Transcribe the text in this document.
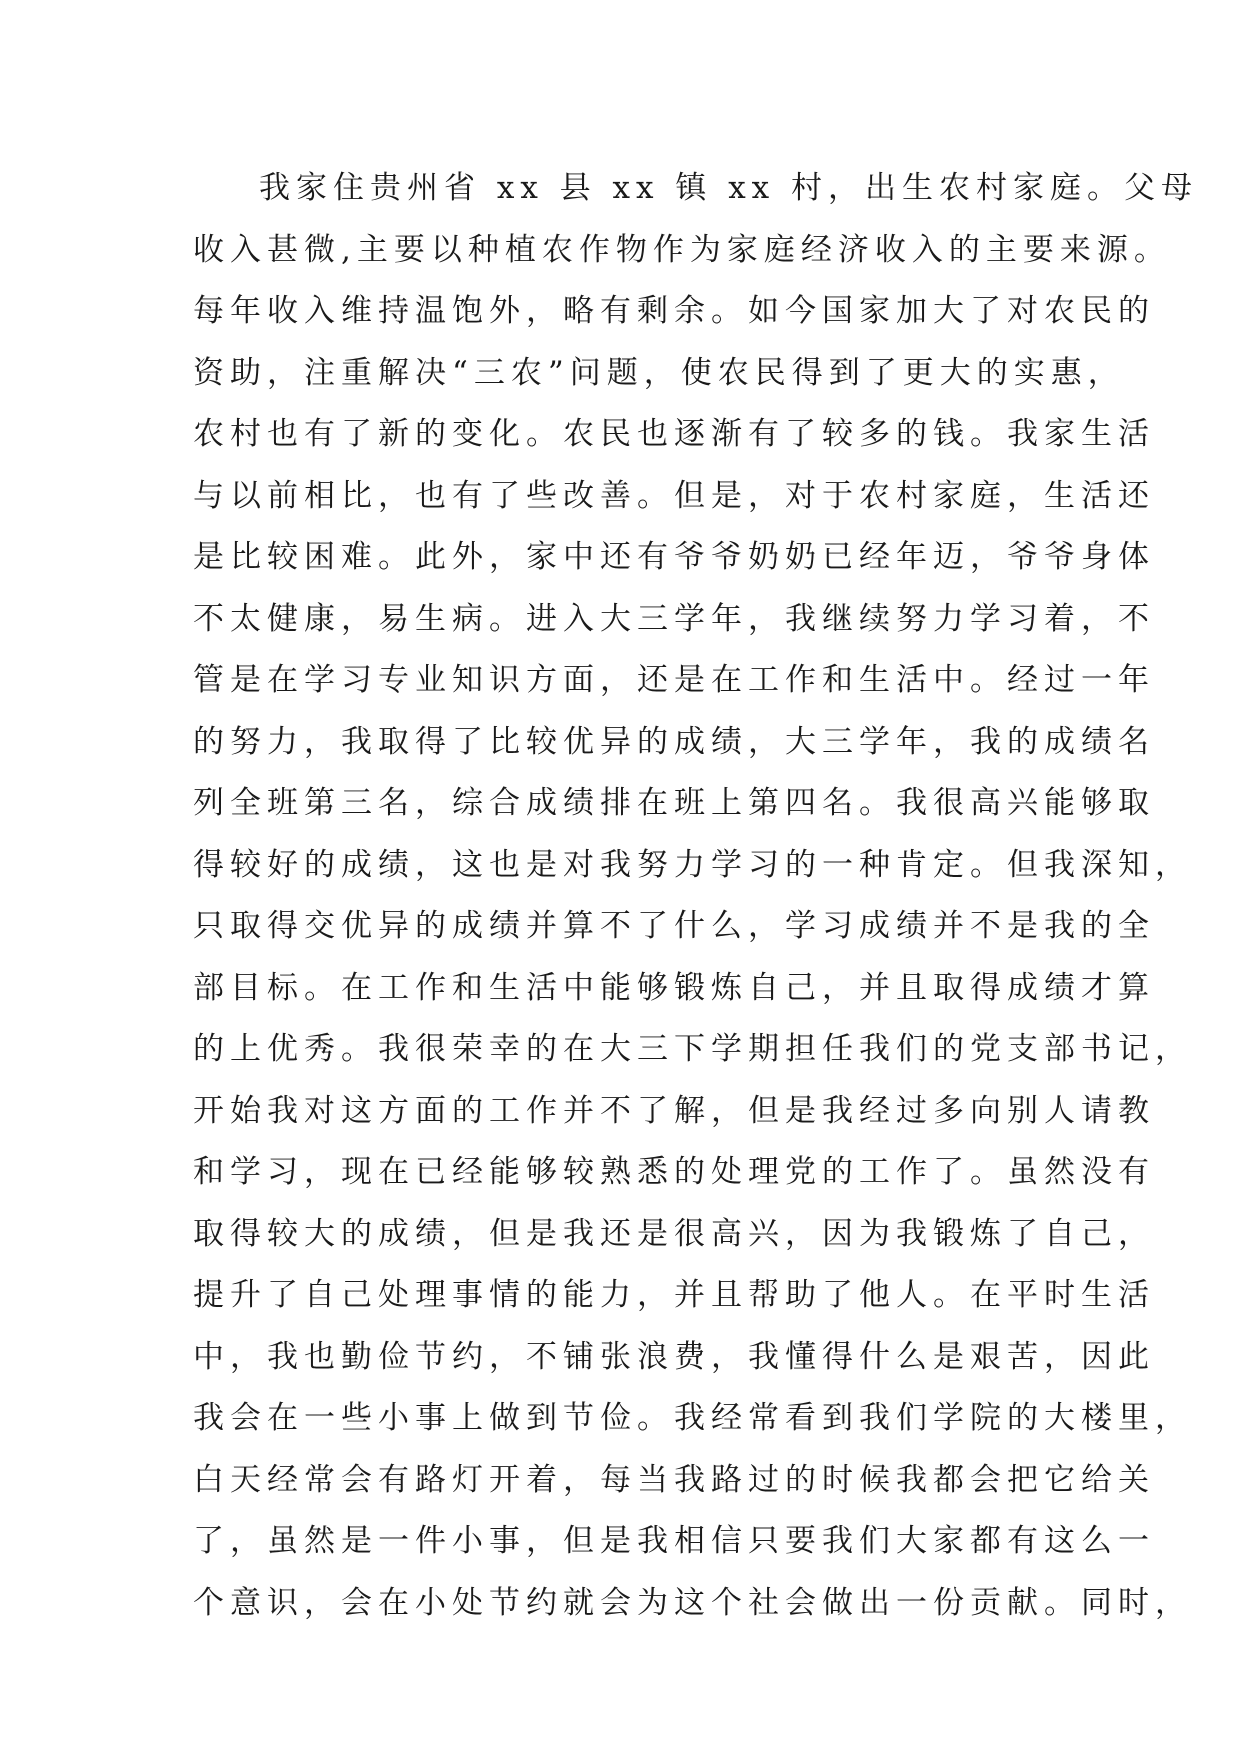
我家住贵州省 xx 县 xx 镇 xx 村，出生农村家庭。父母
收入甚微,主要以种植农作物作为家庭经济收入的主要来源。
每年收入维持温饱外，略有剩余。如今国家加大了对农民的
资助，注重解决“三农”问题，使农民得到了更大的实惠，
农村也有了新的变化。农民也逐渐有了较多的钱。我家生活
与以前相比，也有了些改善。但是，对于农村家庭，生活还
是比较困难。此外，家中还有爷爷奶奶已经年迈，爷爷身体
不太健康，易生病。进入大三学年，我继续努力学习着，不
管是在学习专业知识方面，还是在工作和生活中。经过一年
的努力，我取得了比较优异的成绩，大三学年，我的成绩名
列全班第三名，综合成绩排在班上第四名。我很高兴能够取
得较好的成绩，这也是对我努力学习的一种肯定。但我深知，
只取得交优异的成绩并算不了什么，学习成绩并不是我的全
部目标。在工作和生活中能够锻炼自己，并且取得成绩才算
的上优秀。我很荣幸的在大三下学期担任我们的党支部书记，
开始我对这方面的工作并不了解，但是我经过多向别人请教
和学习，现在已经能够较熟悉的处理党的工作了。虽然没有
取得较大的成绩，但是我还是很高兴，因为我锻炼了自己，
提升了自己处理事情的能力，并且帮助了他人。在平时生活
中，我也勤俭节约，不铺张浪费，我懂得什么是艰苦，因此
我会在一些小事上做到节俭。我经常看到我们学院的大楼里，
白天经常会有路灯开着，每当我路过的时候我都会把它给关
了，虽然是一件小事，但是我相信只要我们大家都有这么一
个意识，会在小处节约就会为这个社会做出一份贡献。同时，
